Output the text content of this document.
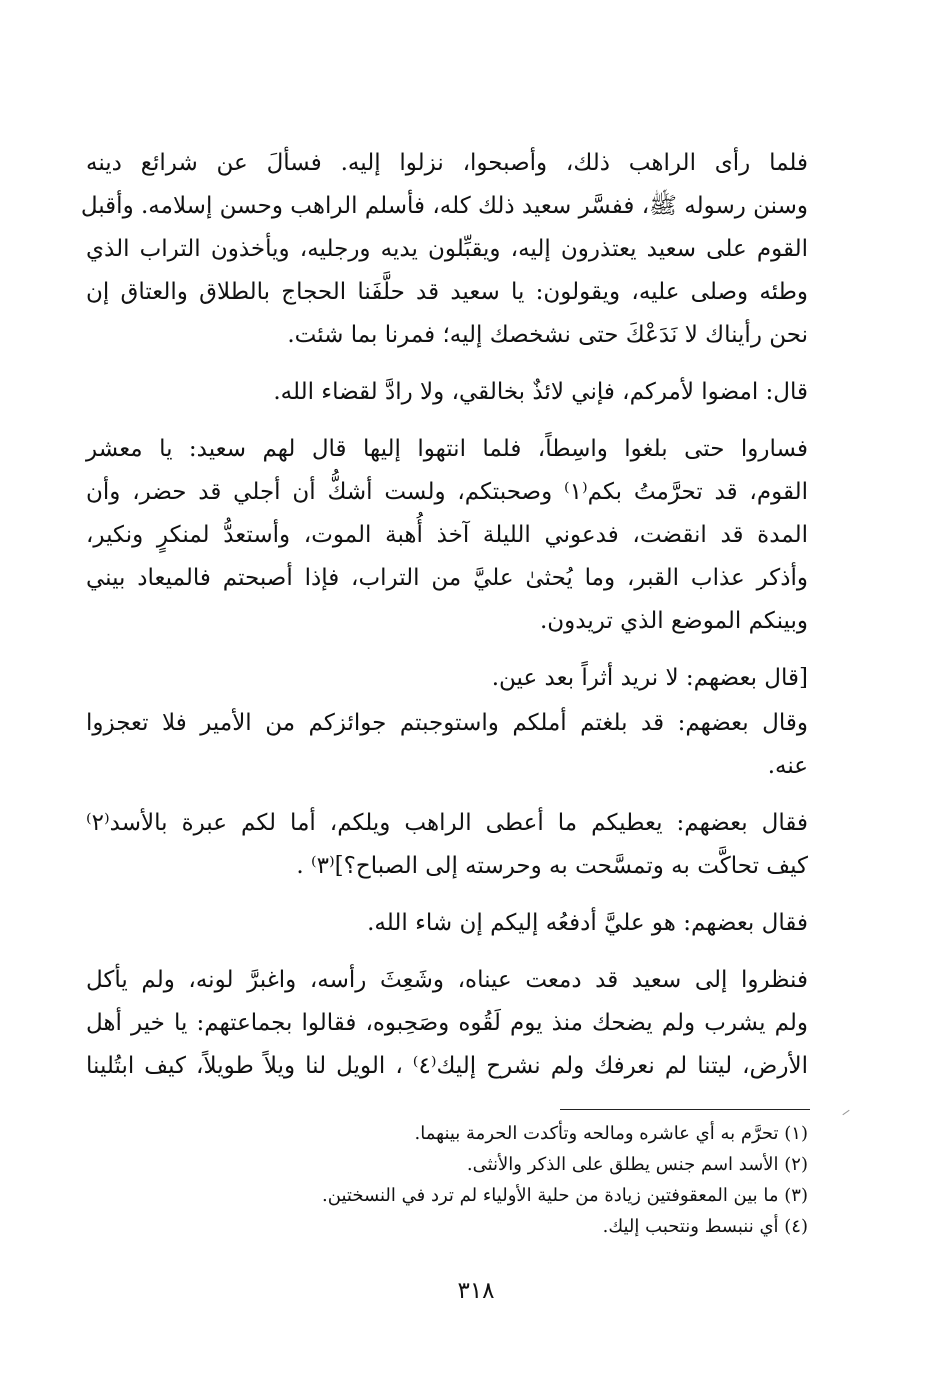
فلما رأى الراهب ذلك، وأصبحوا، نزلوا إليه. فسألَ عن شرائع دينه
وسنن رسوله ﷺ، ففسَّر سعيد ذلك كله، فأسلم الراهب وحسن إسلامه. وأقبل
القوم على سعيد يعتذرون إليه، ويقبِّلون يديه ورجليه، ويأخذون التراب الذي
وطئه وصلى عليه، ويقولون: يا سعيد قد حلَّفَنا الحجاج بالطلاق والعتاق إن
نحن رأيناك لا نَدَعْكَ حتى نشخصك إليه؛ فمرنا بما شئت.
قال: امضوا لأمركم، فإني لائذٌ بخالقي، ولا رادَّ لقضاء الله.
فساروا حتى بلغوا واسِطاً، فلما انتهوا إليها قال لهم سعيد: يا معشر
القوم، قد تحرَّمتُ بكم⁽١⁾ وصحبتكم، ولست أشكُّ أن أجلي قد حضر، وأن
المدة قد انقضت، فدعوني الليلة آخذ أُهبة الموت، وأستعدُّ لمنكرٍ ونكير،
وأذكر عذاب القبر، وما يُحثىٰ عليَّ من التراب، فإذا أصبحتم فالميعاد بيني
وبينكم الموضع الذي تريدون.
[قال بعضهم: لا نريد أثراً بعد عين.
وقال بعضهم: قد بلغتم أملكم واستوجبتم جوائزكم من الأمير فلا تعجزوا
عنه.
فقال بعضهم: يعطيكم ما أعطى الراهب ويلكم، أما لكم عبرة بالأسد⁽٢⁾
كيف تحاكَّت به وتمسَّحت به وحرسته إلى الصباح؟]⁽٣⁾ .
فقال بعضهم: هو عليَّ أدفعُه إليكم إن شاء الله.
فنظروا إلى سعيد قد دمعت عيناه، وشَعِثَ رأسه، واغبرَّ لونه، ولم يأكل
ولم يشرب ولم يضحك منذ يوم لَقُوه وصَحِبوه، فقالوا بجماعتهم: يا خير أهل
الأرض، ليتنا لم نعرفك ولم نشرح إليك⁽٤⁾ ، الويل لنا ويلاً طويلاً، كيف ابتُلينا
(١) تحرَّم به أي عاشره ومالحه وتأكدت الحرمة بينهما.
(٢) الأسد اسم جنس يطلق على الذكر والأنثى.
(٣) ما بين المعقوفتين زيادة من حلية الأولياء لم ترد في النسختين.
(٤) أي ننبسط ونتحبب إليك.
٣١٨
